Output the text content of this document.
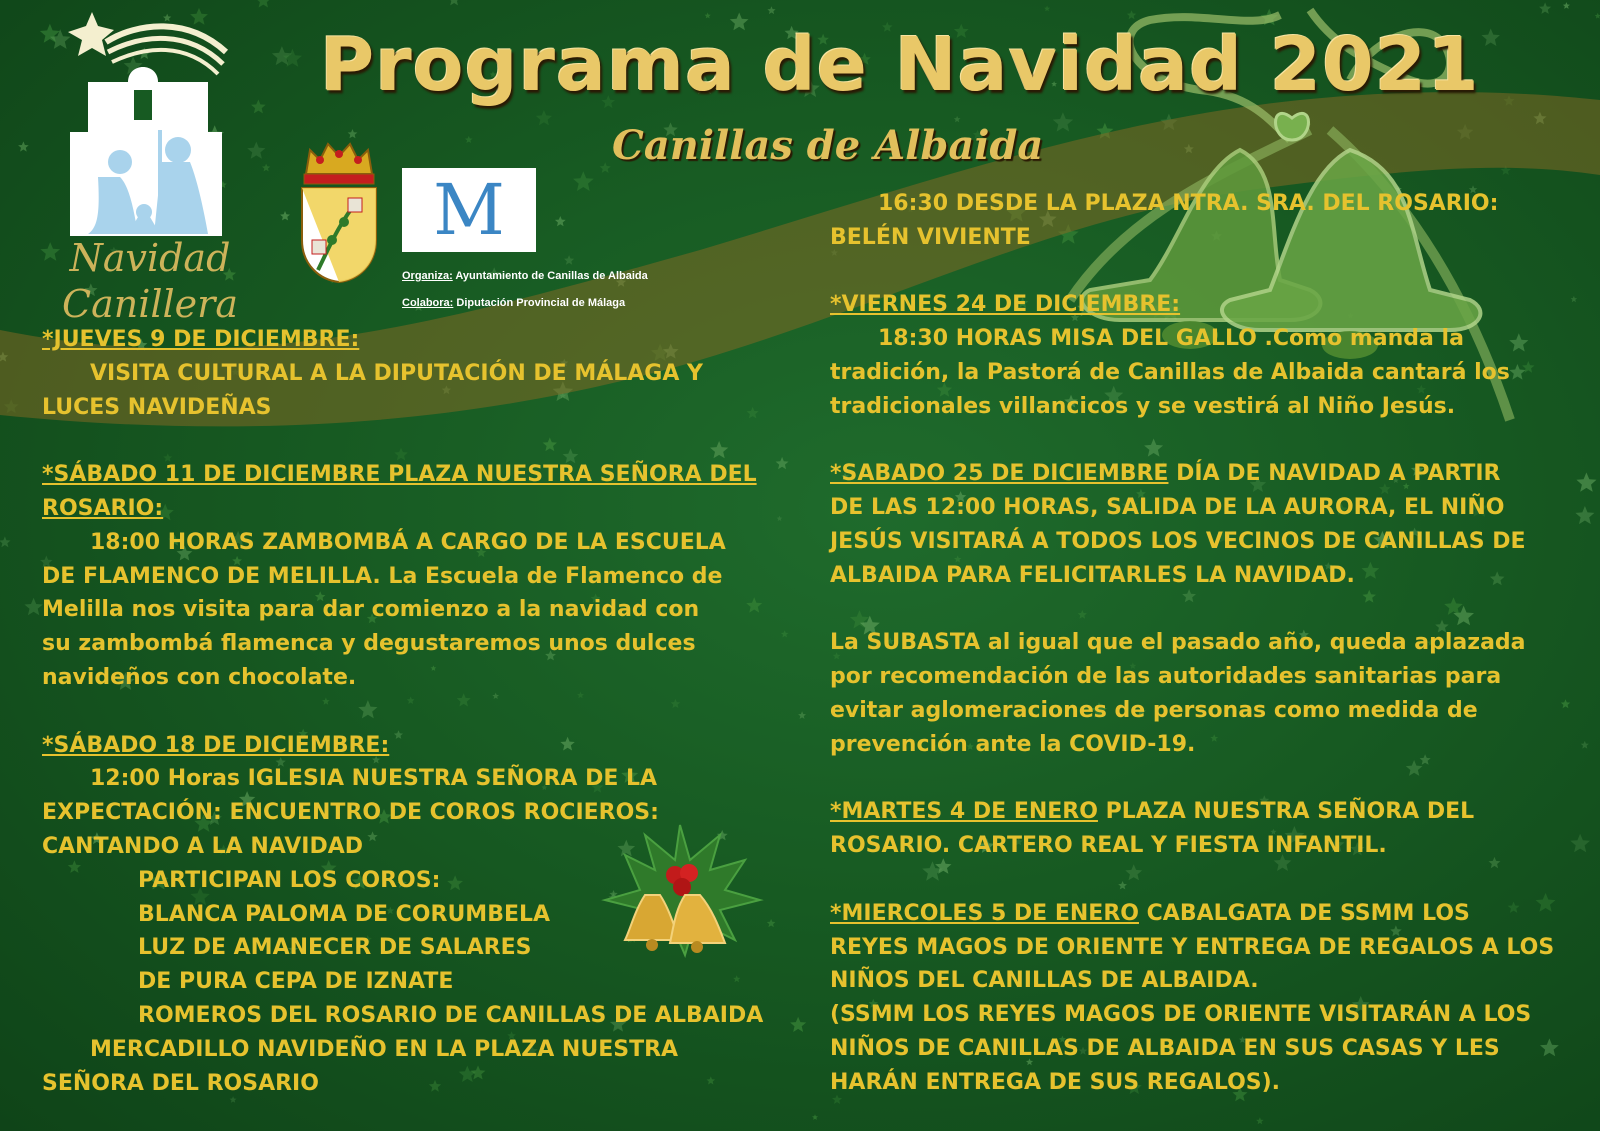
Navidad
Canillera
M
Organiza: Ayuntamiento de Canillas de Albaida
Colabora: Diputación Provincial de Málaga
Programa de Navidad 2021
Canillas de Albaida

*JUEVES 9 DE DICIEMBRE:

VISITA CULTURAL A LA DIPUTACIÓN DE MÁLAGA Y

LUCES NAVIDEÑAS

*SÁBADO 11 DE DICIEMBRE PLAZA NUESTRA SEÑORA DEL

ROSARIO:

18:00 HORAS ZAMBOMBÁ A CARGO DE LA ESCUELA

DE FLAMENCO DE MELILLA. La Escuela de Flamenco de

Melilla nos visita para dar comienzo a la navidad con

su zambombá flamenca y degustaremos unos dulces

navideños con chocolate.

*SÁBADO 18 DE DICIEMBRE:

12:00 Horas IGLESIA NUESTRA SEÑORA DE LA

EXPECTACIÓN: ENCUENTRO DE COROS ROCIEROS:

CANTANDO A LA NAVIDAD

PARTICIPAN LOS COROS:

BLANCA PALOMA DE CORUMBELA

LUZ DE AMANECER DE SALARES

DE PURA CEPA DE IZNATE

ROMEROS DEL ROSARIO DE CANILLAS DE ALBAIDA

MERCADILLO NAVIDEÑO EN LA PLAZA NUESTRA

SEÑORA DEL ROSARIO

16:30 DESDE LA PLAZA NTRA. SRA. DEL ROSARIO:

BELÉN VIVIENTE

*VIERNES 24 DE DICIEMBRE:

18:30 HORAS MISA DEL GALLO .Como manda la

tradición, la Pastorá de Canillas de Albaida cantará los

tradicionales villancicos y se vestirá al Niño Jesús.

*SABADO 25 DE DICIEMBRE DÍA DE NAVIDAD A PARTIR

DE LAS 12:00 HORAS, SALIDA DE LA AURORA, EL NIÑO

JESÚS VISITARÁ A TODOS LOS VECINOS DE CANILLAS DE

ALBAIDA PARA FELICITARLES LA NAVIDAD.

La SUBASTA al igual que el pasado año, queda aplazada

por recomendación de las autoridades sanitarias para

evitar aglomeraciones de personas como medida de

prevención ante la COVID-19.

*MARTES 4 DE ENERO PLAZA NUESTRA SEÑORA DEL

ROSARIO. CARTERO REAL Y FIESTA INFANTIL.

*MIERCOLES 5 DE ENERO CABALGATA DE SSMM LOS

REYES MAGOS DE ORIENTE Y ENTREGA DE REGALOS A LOS

NIÑOS DEL CANILLAS DE ALBAIDA.

(SSMM LOS REYES MAGOS DE ORIENTE VISITARÁN A LOS

NIÑOS DE CANILLAS DE ALBAIDA EN SUS CASAS Y LES

HARÁN ENTREGA DE SUS REGALOS).
